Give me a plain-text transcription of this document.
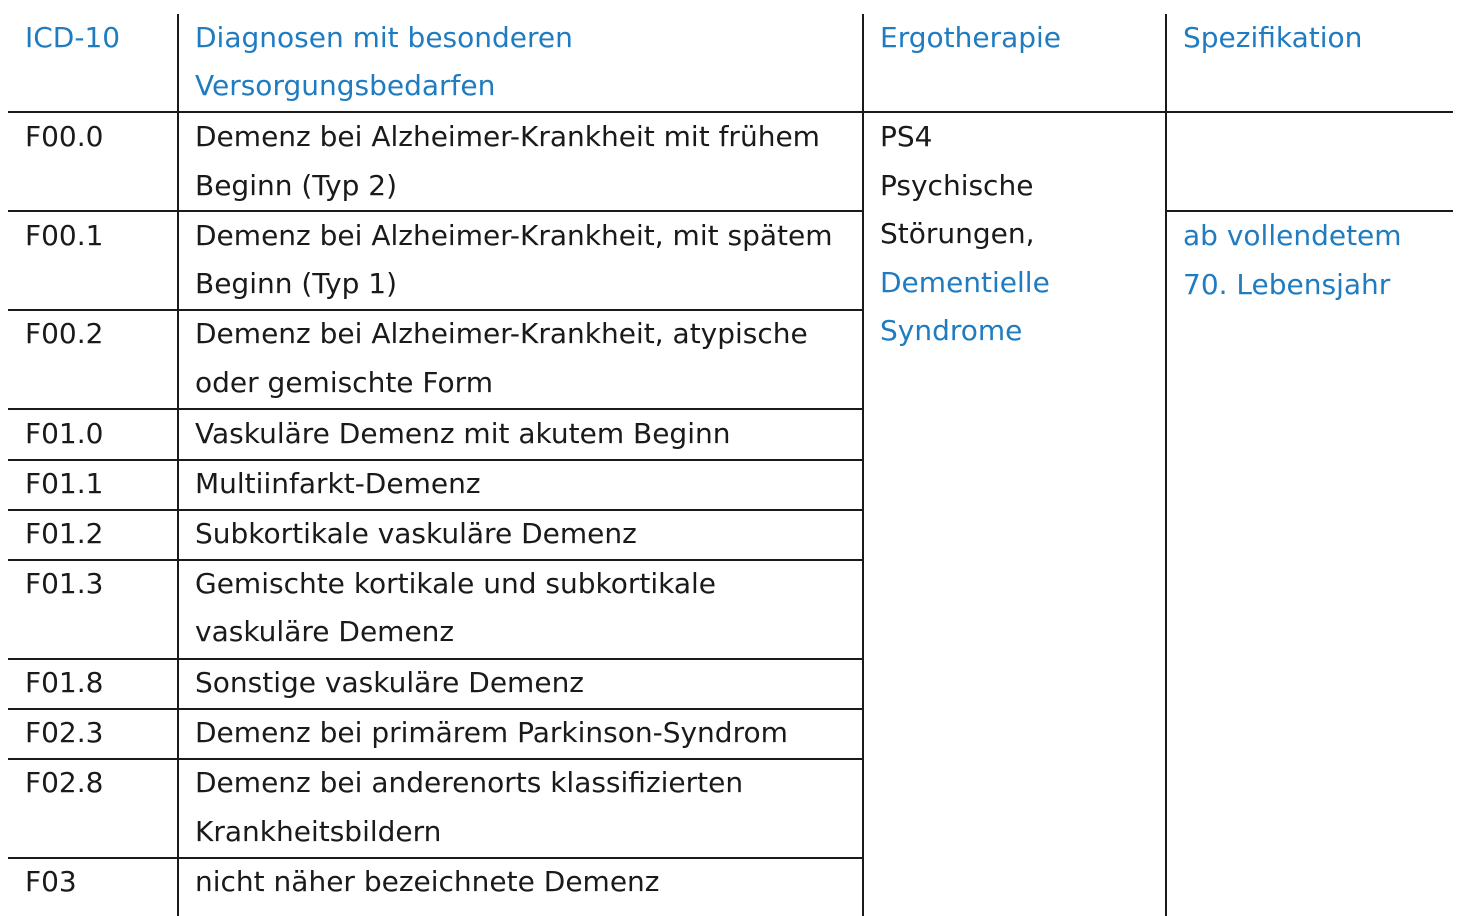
ICD-10	Diagnosen mit besonderen
Versorgungsbedarfen
Ergotherapie	Spezifikation
F00.0
F00.1
F00.2
F01.0
F01.1
F01.2
F01.3
F01.8
F02.3
F02.8
F03
Demenz bei Alzheimer-Krankheit mit frühem
Beginn (Typ 2)
Demenz bei Alzheimer-Krankheit, mit spätem
Beginn (Typ 1)
Demenz bei Alzheimer-Krankheit, atypische
oder gemischte Form
Vaskuläre Demenz mit akutem Beginn
Multiinfarkt-Demenz
Subkortikale vaskuläre Demenz
Gemischte kortikale und subkortikale
vaskuläre Demenz
Sonstige vaskuläre Demenz
Demenz bei primärem Parkinson-Syndrom
Demenz bei anderenorts klassifizierten
Krankheitsbildern
nicht näher bezeichnete Demenz
PS4
Psychische
Störungen,
Dementielle
Syndrome
ab vollendetem
70. Lebensjahr
